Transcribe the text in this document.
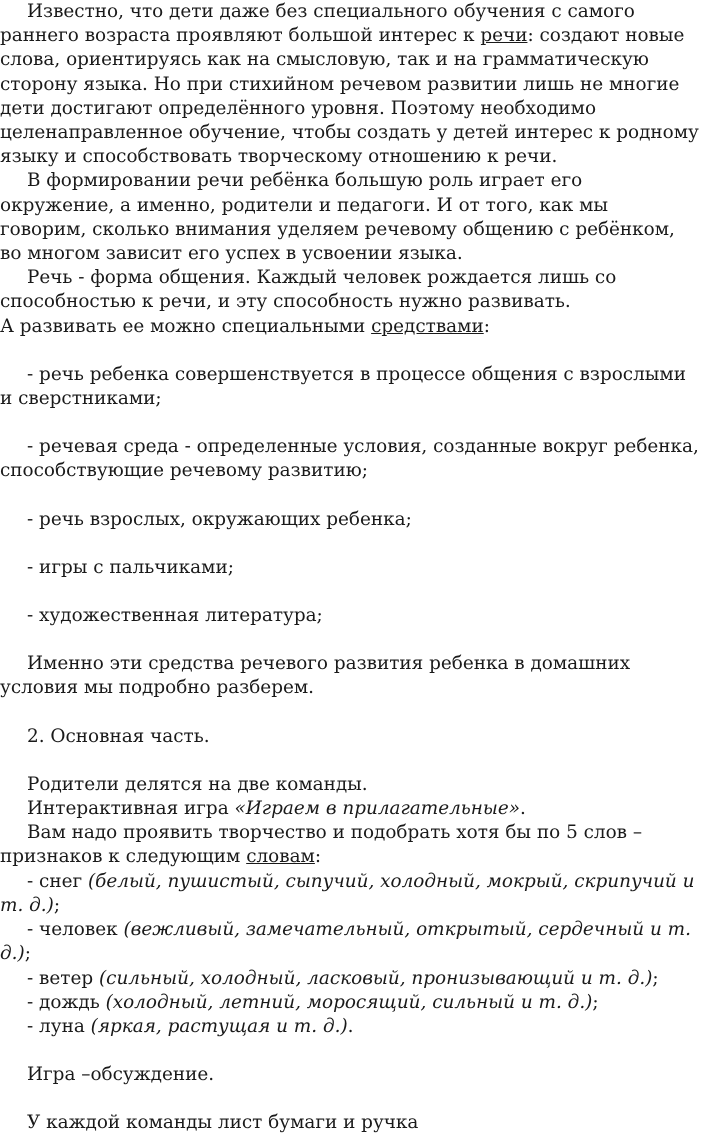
Известно, что дети даже без специального обучения с самого раннего возраста проявляют большой интерес к речи: создают новые слова, ориентируясь как на смысловую, так и на грамматическую сторону языка. Но при стихийном речевом развитии лишь не многие дети достигают определённого уровня. Поэтому необходимо целенаправленное обучение, чтобы создать у детей интерес к родному языку и способствовать творческому отношению к речи.

В формировании речи ребёнка большую роль играет его окружение, а именно, родители и педагоги. И от того, как мы говорим, сколько внимания уделяем речевому общению с ребёнком, во многом зависит его успех в усвоении языка.

Речь - форма общения. Каждый человек рождается лишь со способностью к речи, и эту способность нужно развивать.

А развивать ее можно специальными средствами:

- речь ребенка совершенствуется в процессе общения с взрослыми и сверстниками;

- речевая среда - определенные условия, созданные вокруг ребенка, способствующие речевому развитию;

- речь взрослых, окружающих ребенка;

- игры с пальчиками;

- художественная литература;

Именно эти средства речевого развития ребенка в домашних условия мы подробно разберем.

2. Основная часть.

Родители делятся на две команды.

Интерактивная игра «Играем в прилагательные».

Вам надо проявить творчество и подобрать хотя бы по 5 слов – признаков к следующим словам:

- снег (белый, пушистый, сыпучий, холодный, мокрый, скрипучий и т. д.);

- человек (вежливый, замечательный, открытый, сердечный и т. д.);

- ветер (сильный, холодный, ласковый, пронизывающий и т. д.);

- дождь (холодный, летний, моросящий, сильный и т. д.);

- луна (яркая, растущая и т. д.).

Игра –обсуждение.

У каждой команды лист бумаги и ручка
